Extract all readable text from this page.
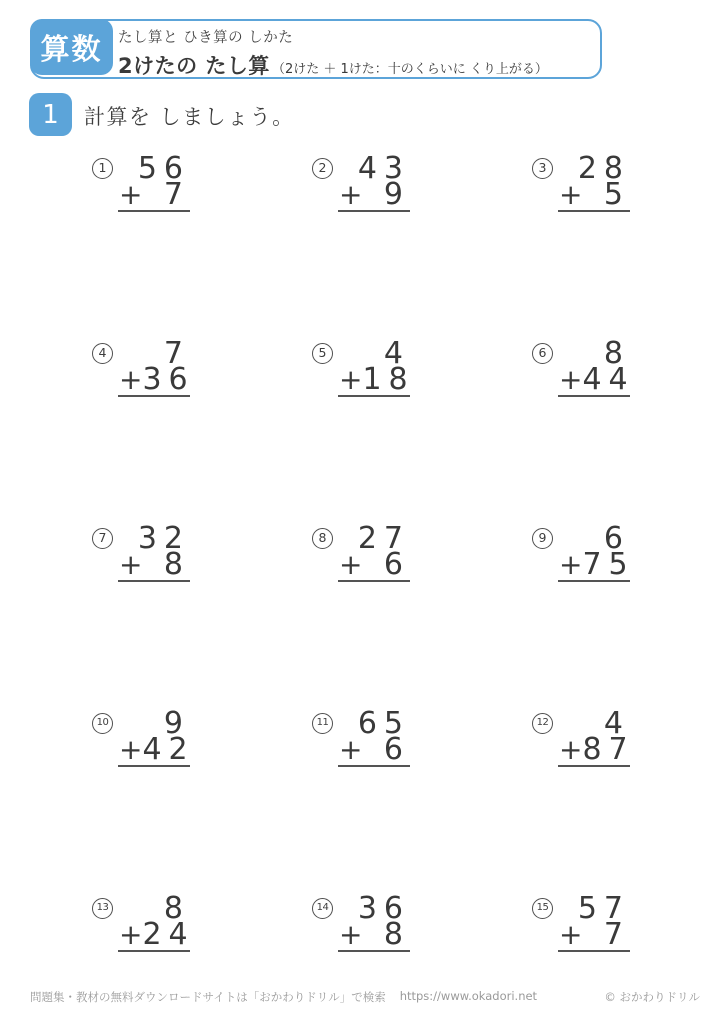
算数	たし算と ひき算の しかた
2けたの たし算 （2けた ＋ 1けた：十のくらいに くり上がる）
1	計算を しましょう。
1	56
+ 7
2	43
+ 9
3	28
+ 5
4	7
+ 36
5	4
+ 18
6	8
+ 44
7	32
+ 8
8	27
+ 6
9	6
+ 75
10	9
+ 42
11 65
+ 6
12	4
+ 87
13	8
+ 24
14 36
+ 8
15 57
+ 7
問題集・教材の無料ダウンロードサイトは「おかわりドリル」で検索 https://www.okadori.net	© おかわりドリル
